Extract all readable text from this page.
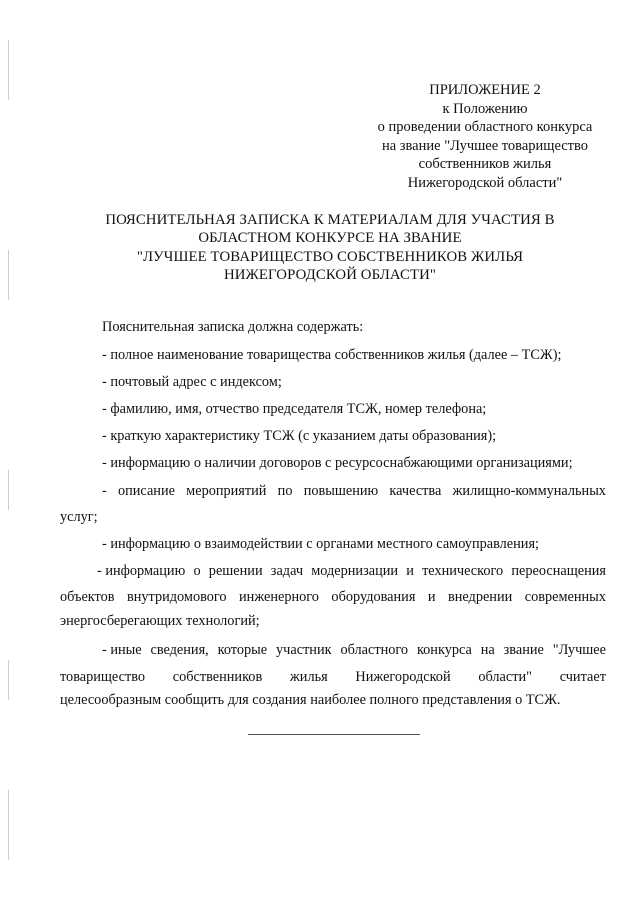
ПРИЛОЖЕНИЕ 2
к Положению
о проведении областного конкурса
на звание "Лучшее товарищество
собственников жилья
Нижегородской области"
ПОЯСНИТЕЛЬНАЯ ЗАПИСКА К МАТЕРИАЛАМ ДЛЯ УЧАСТИЯ В
ОБЛАСТНОМ КОНКУРСЕ НА ЗВАНИЕ
"ЛУЧШЕЕ ТОВАРИЩЕСТВО СОБСТВЕННИКОВ ЖИЛЬЯ
НИЖЕГОРОДСКОЙ ОБЛАСТИ"
Пояснительная записка должна содержать:
- полное наименование товарищества собственников жилья (далее – ТСЖ);
- почтовый адрес с индексом;
- фамилию, имя, отчество председателя ТСЖ, номер телефона;
- краткую характеристику ТСЖ (с указанием даты образования);
- информацию о наличии договоров с ресурсоснабжающими организациями;
- описание мероприятий по повышению качества жилищно-коммунальных
услуг;
- информацию о взаимодействии с органами местного самоуправления;
- информацию о решении задач модернизации и технического переоснащения
объектов внутридомового инженерного оборудования и внедрении современных
энергосберегающих технологий;
- иные сведения, которые участник областного конкурса на звание "Лучшее
товарищество собственников жилья Нижегородской области" считает
целесообразным сообщить для создания наиболее полного представления о ТСЖ.
